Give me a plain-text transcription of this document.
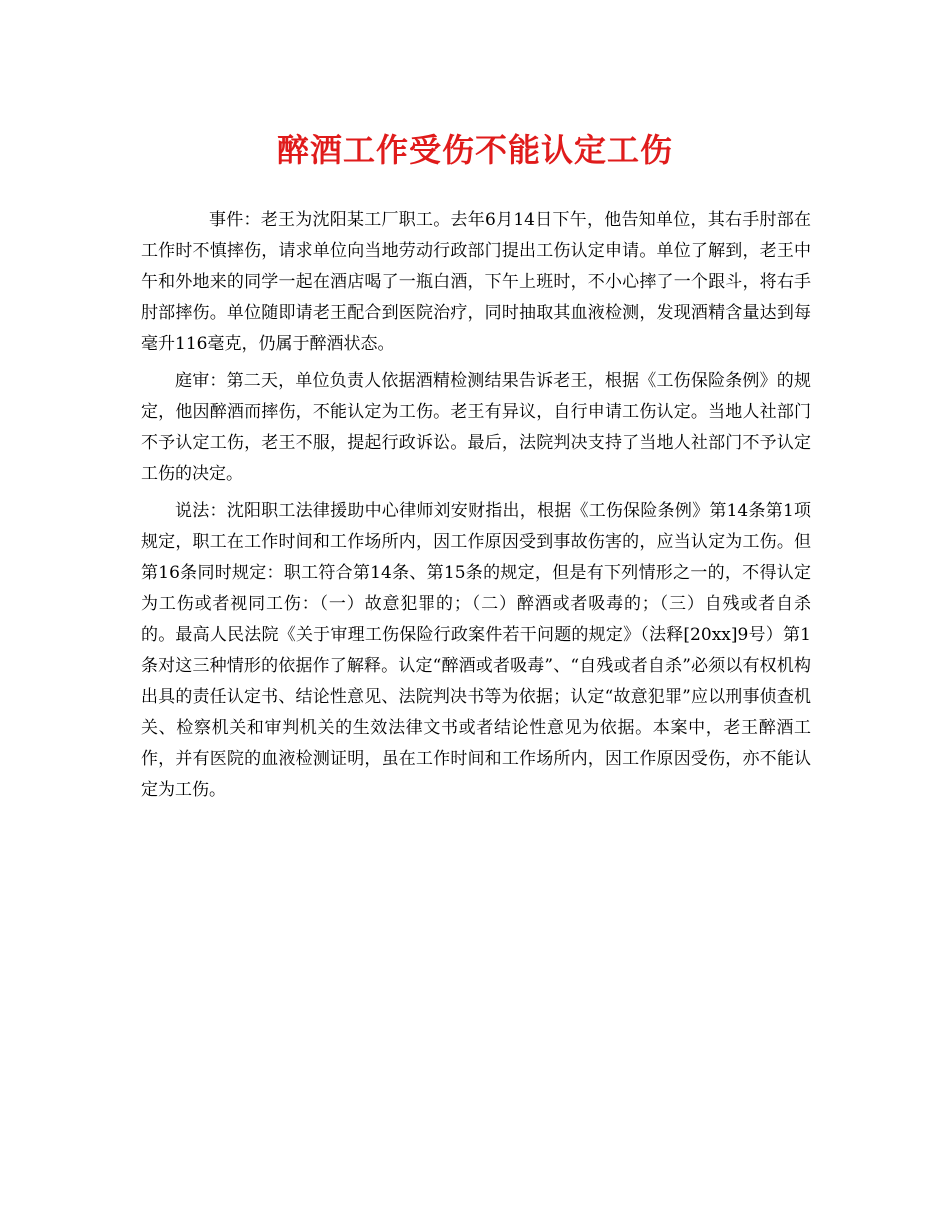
醉酒工作受伤不能认定工伤

事件：老王为沈阳某工厂职工。去年6月14日下午，他告知单位，其右手肘部在工作时不慎摔伤，请求单位向当地劳动行政部门提出工伤认定申请。单位了解到，老王中午和外地来的同学一起在酒店喝了一瓶白酒，下午上班时，不小心摔了一个跟斗，将右手肘部摔伤。单位随即请老王配合到医院治疗，同时抽取其血液检测，发现酒精含量达到每毫升116毫克，仍属于醉酒状态。

庭审：第二天，单位负责人依据酒精检测结果告诉老王，根据《工伤保险条例》的规定，他因醉酒而摔伤，不能认定为工伤。老王有异议，自行申请工伤认定。当地人社部门不予认定工伤，老王不服，提起行政诉讼。最后，法院判决支持了当地人社部门不予认定工伤的决定。

说法：沈阳职工法律援助中心律师刘安财指出，根据《工伤保险条例》第14条第1项规定，职工在工作时间和工作场所内，因工作原因受到事故伤害的，应当认定为工伤。但第16条同时规定：职工符合第14条、第15条的规定，但是有下列情形之一的，不得认定为工伤或者视同工伤：（一）故意犯罪的；（二）醉酒或者吸毒的；（三）自残或者自杀的。最高人民法院《关于审理工伤保险行政案件若干问题的规定》（法释[20xx]9号）第1条对这三种情形的依据作了解释。认定“醉酒或者吸毒”、“自残或者自杀”必须以有权机构出具的责任认定书、结论性意见、法院判决书等为依据；认定“故意犯罪”应以刑事侦查机关、检察机关和审判机关的生效法律文书或者结论性意见为依据。本案中，老王醉酒工作，并有医院的血液检测证明，虽在工作时间和工作场所内，因工作原因受伤，亦不能认定为工伤。
